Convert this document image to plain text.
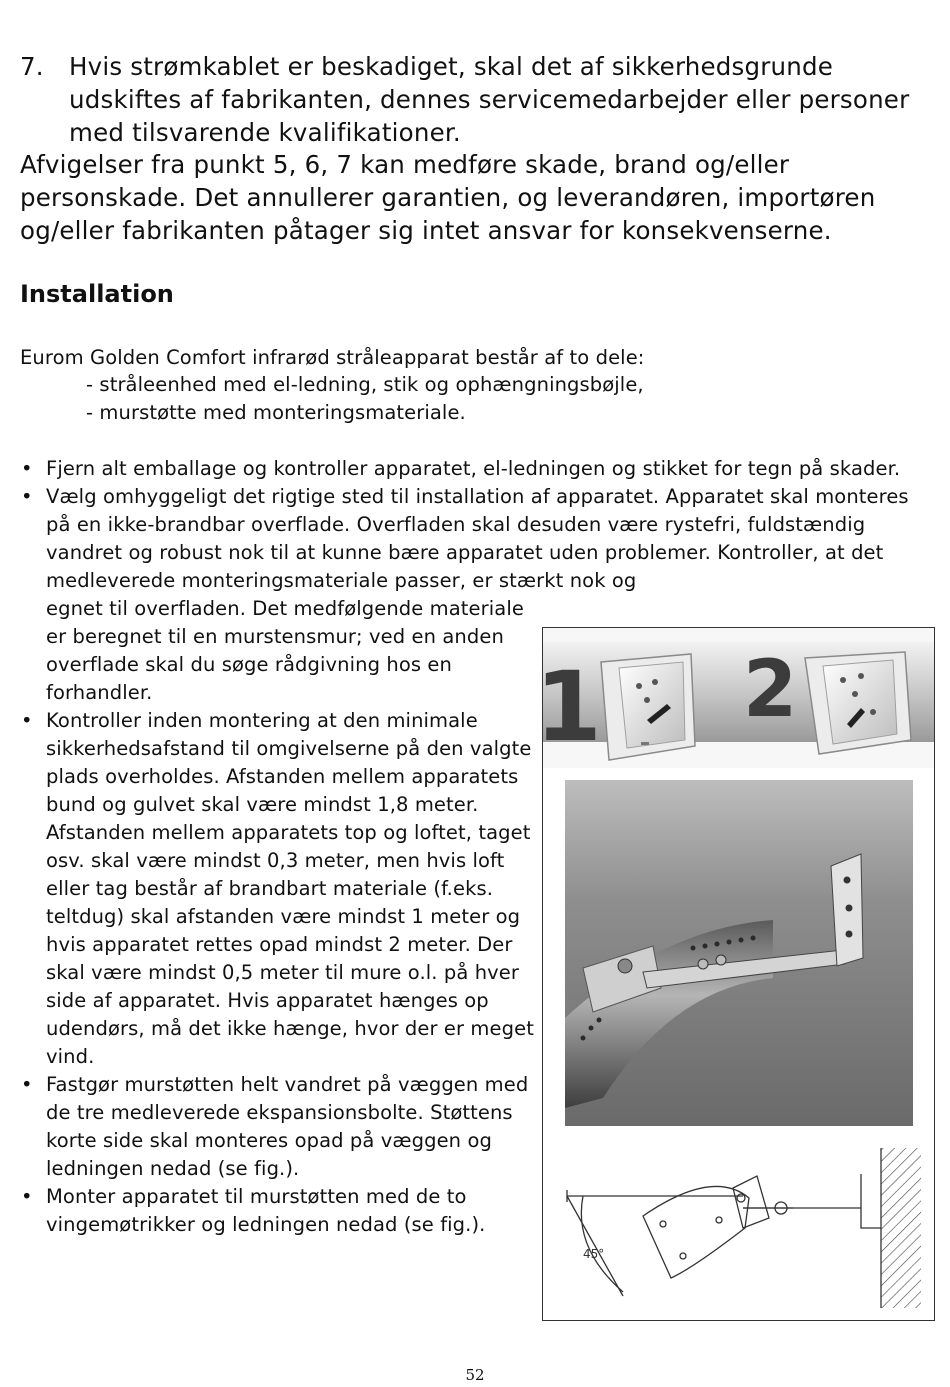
7. Hvis strømkablet er beskadiget, skal det af sikkerhedsgrunde udskiftes af fabrikanten, dennes servicemedarbejder eller personer med tilsvarende kvalifikationer.
Afvigelser fra punkt 5, 6, 7 kan medføre skade, brand og/eller personskade. Det annullerer garantien, og leverandøren, importøren og/eller fabrikanten påtager sig intet ansvar for konsekvenserne.
Installation
Eurom Golden Comfort infrarød stråleapparat består af to dele:
- stråleenhed med el-ledning, stik og ophængningsbøjle,
- murstøtte med monteringsmateriale.
• Fjern alt emballage og kontroller apparatet, el-ledningen og stikket for tegn på skader.
• Vælg omhyggeligt det rigtige sted til installation af apparatet. Apparatet skal monteres på en ikke-brandbar overflade. Overfladen skal desuden være rystefri, fuldstændig vandret og robust nok til at kunne bære apparatet uden problemer. Kontroller, at det medleverede monteringsmateriale passer, er stærkt nok og
egnet til overfladen. Det medfølgende materiale er beregnet til en murstensmur; ved en anden overflade skal du søge rådgivning hos en forhandler.
• Kontroller inden montering at den minimale sikkerhedsafstand til omgivelserne på den valgte plads overholdes. Afstanden mellem apparatets bund og gulvet skal være mindst 1,8 meter. Afstanden mellem apparatets top og loftet, taget osv. skal være mindst 0,3 meter, men hvis loft eller tag består af brandbart materiale (f.eks. teltdug) skal afstanden være mindst 1 meter og hvis apparatet rettes opad mindst 2 meter. Der skal være mindst 0,5 meter til mure o.l. på hver side af apparatet. Hvis apparatet hænges op udendørs, må det ikke hænge, hvor der er meget vind.
• Fastgør murstøtten helt vandret på væggen med de tre medleverede ekspansionsbolte. Støttens korte side skal monteres opad på væggen og ledningen nedad (se fig.).
• Monter apparatet til murstøtten med de to vingemøtrikker og ledningen nedad (se fig.).
1 2
45°
52
